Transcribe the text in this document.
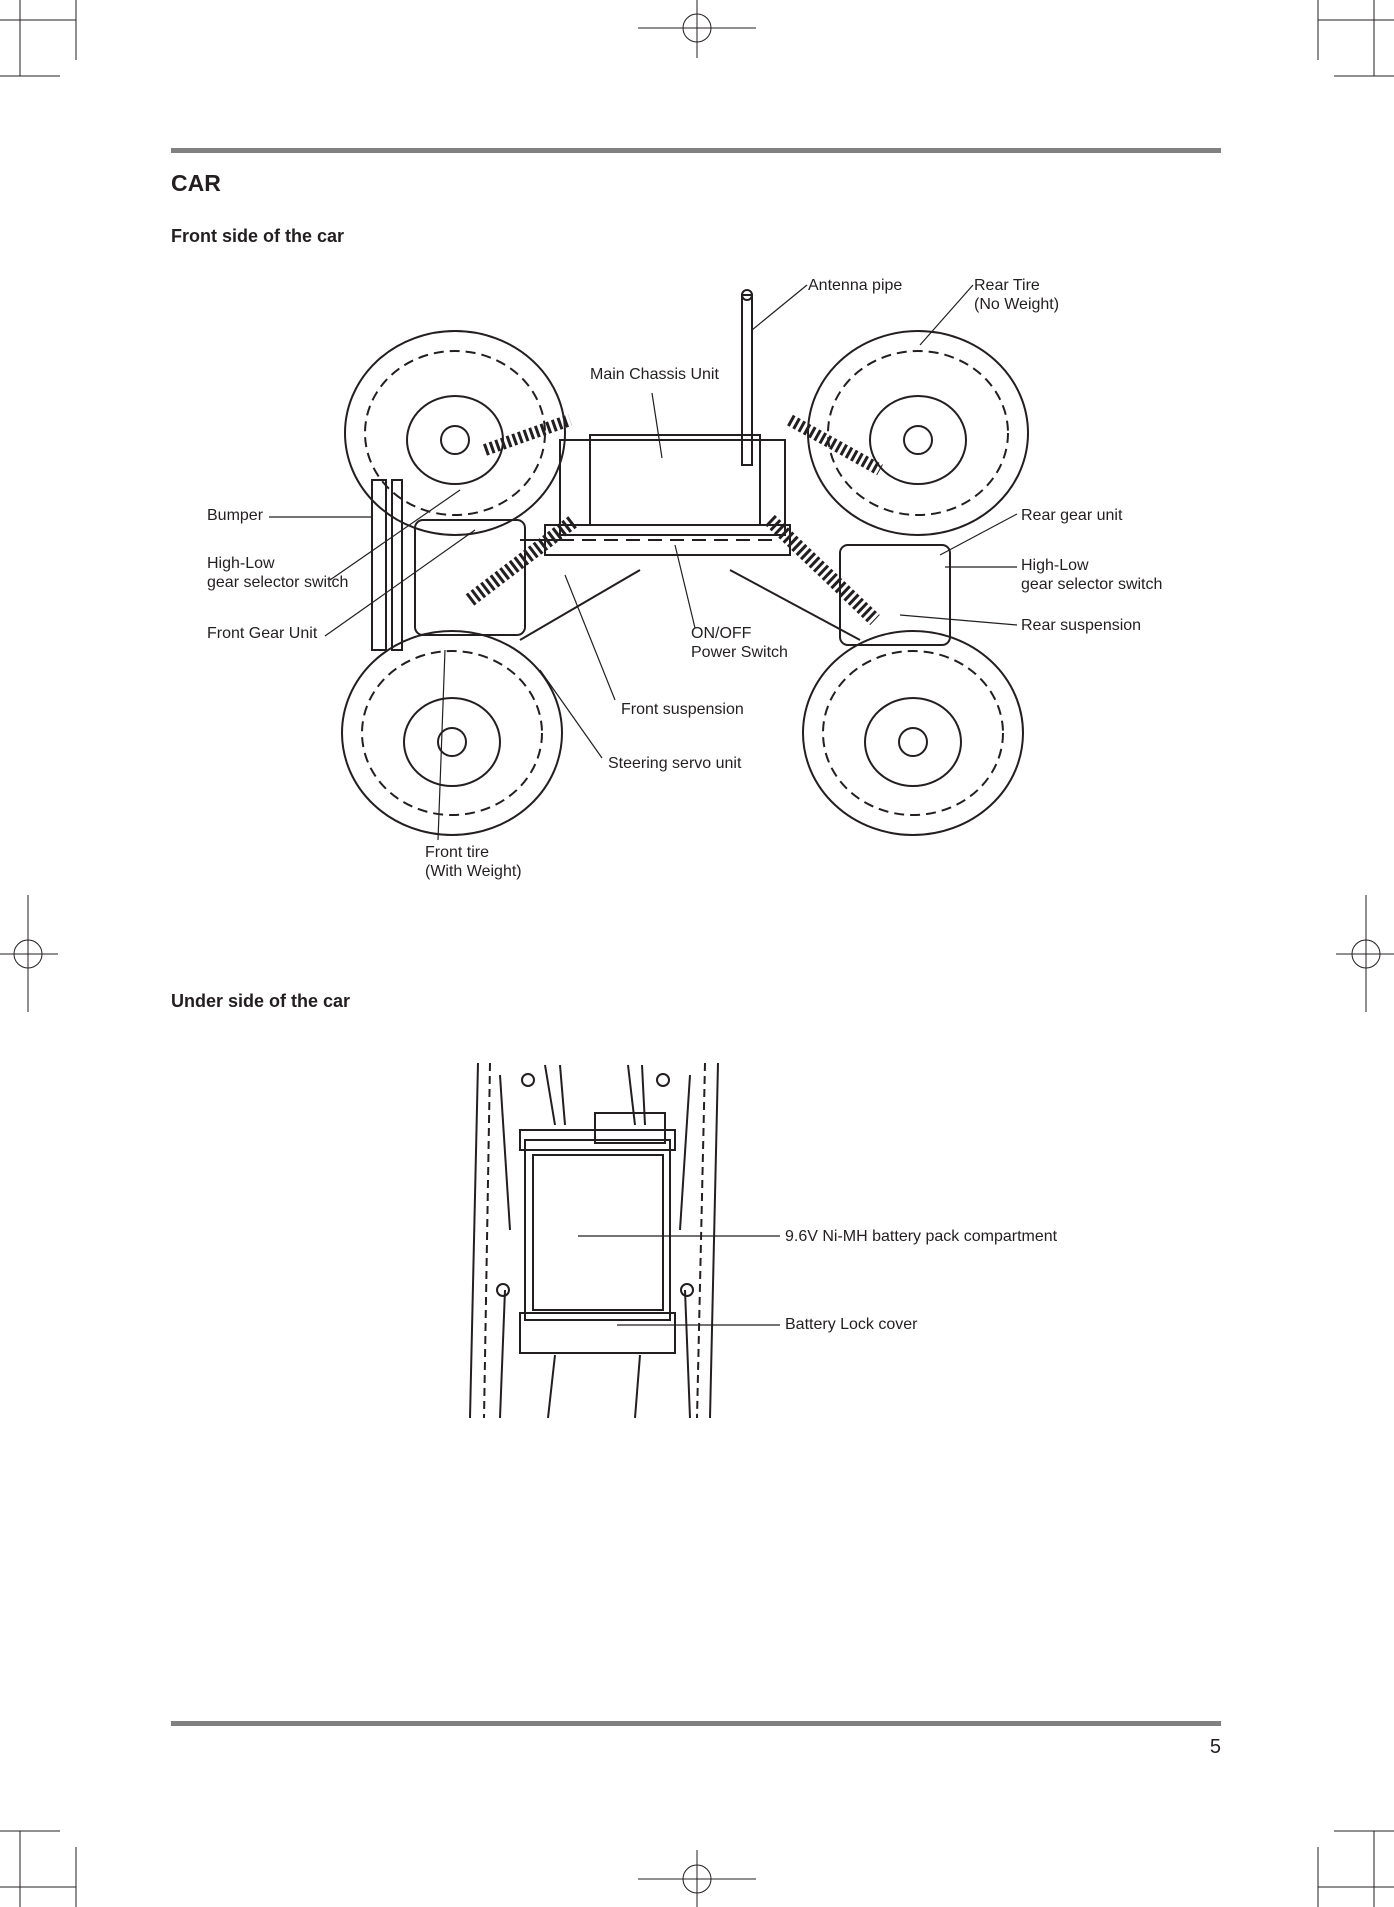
CAR
Front side of the car
Antenna pipe	Rear Tire
(No Weight)
Main Chassis Unit
Bumper
High-Low
gear selector switch
Front Gear Unit
Rear gear unit
High-Low
gear selector switch
Rear suspension
ON/OFF
Power Switch
Front suspension
Steering servo unit
Front tire
(With Weight)
Under side of the car
9.6V Ni-MH battery pack compartment
Battery Lock cover
5
